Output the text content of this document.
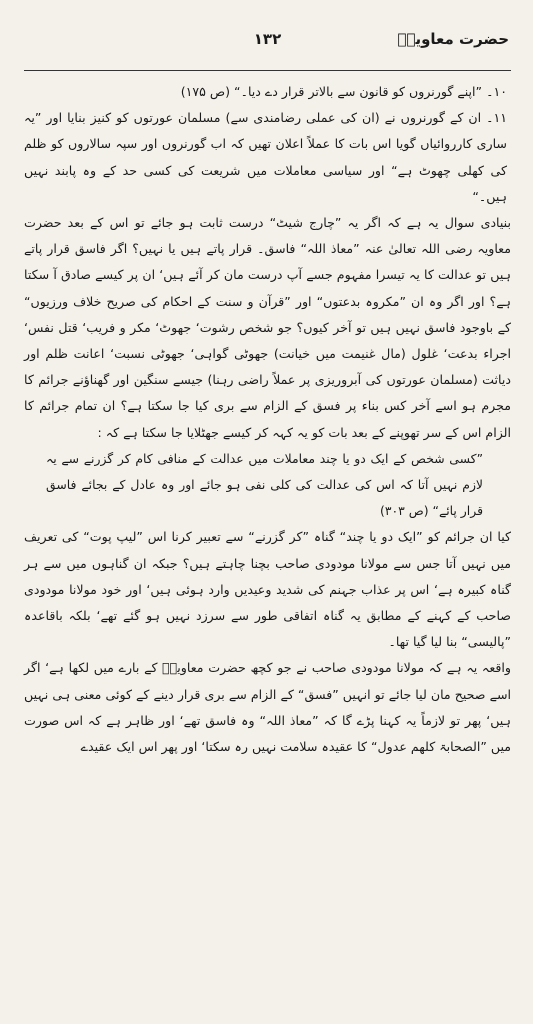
حضرت معاویہؓ
۱۳۲

۱۰۔ ”اپنے گورنروں کو قانون سے بالاتر قرار دے دیا۔“ (ص ۱۷۵)

۱۱۔ ان کے گورنروں نے (ان کی عملی رضامندی سے) مسلمان عورتوں کو کنیز بنایا اور ”یہ ساری کارروائیاں گویا اس بات کا عملاً اعلان تھیں کہ اب گورنروں اور سپہ سالاروں کو ظلم کی کھلی چھوٹ ہے“ اور سیاسی معاملات میں شریعت کی کسی حد کے وہ پابند نہیں ہیں۔“

بنیادی سوال یہ ہے کہ اگر یہ ”چارج شیٹ“ درست ثابت ہو جائے تو اس کے بعد حضرت معاویہ رضی اللہ تعالیٰ عنہ ”معاذ اللہ“ فاسق۔ قرار پاتے ہیں یا نہیں؟ اگر فاسق قرار پاتے ہیں تو عدالت کا یہ تیسرا مفہوم جسے آپ درست مان کر آئے ہیں‘ ان پر کیسے صادق آ سکتا ہے؟ اور اگر وہ ان ”مکروہ بدعتوں“ اور ”قرآن و سنت کے احکام کی صریح خلاف ورزیوں“ کے باوجود فاسق نہیں ہیں تو آخر کیوں؟ جو شخص رشوت‘ جھوٹ‘ مکر و فریب‘ قتل نفس‘ اجراء بدعت‘ غلول (مال غنیمت میں خیانت) جھوٹی گواہی‘ جھوٹی نسبت‘ اعانت ظلم اور دیاثت (مسلمان عورتوں کی آبروریزی پر عملاً راضی رہنا) جیسے سنگین اور گھناؤنے جرائم کا مجرم ہو اسے آخر کس بناء پر فسق کے الزام سے بری کیا جا سکتا ہے؟ ان تمام جرائم کا الزام اس کے سر تھوپنے کے بعد بات کو یہ کہہ کر کیسے جھٹلایا جا سکتا ہے کہ :

”کسی شخص کے ایک دو یا چند معاملات میں عدالت کے منافی کام کر گزرنے سے یہ لازم نہیں آتا کہ اس کی عدالت کی کلی نفی ہو جائے اور وہ عادل کے بجائے فاسق قرار پائے“ (ص ۳۰۳)

کیا ان جرائم کو ”ایک دو یا چند“ گناہ ”کر گزرنے“ سے تعبیر کرنا اس ”لیپ پوت“ کی تعریف میں نہیں آتا جس سے مولانا مودودی صاحب بچنا چاہتے ہیں؟ جبکہ ان گناہوں میں سے ہر گناہ کبیرہ ہے‘ اس پر عذاب جہنم کی شدید وعیدیں وارد ہوئی ہیں‘ اور خود مولانا مودودی صاحب کے کہنے کے مطابق یہ گناہ اتفاقی طور سے سرزد نہیں ہو گئے تھے‘ بلکہ باقاعدہ ”پالیسی“ بنا لیا گیا تھا۔

واقعہ یہ ہے کہ مولانا مودودی صاحب نے جو کچھ حضرت معاویہؓ کے بارے میں لکھا ہے‘ اگر اسے صحیح مان لیا جائے تو انہیں ”فسق“ کے الزام سے بری قرار دینے کے کوئی معنی ہی نہیں ہیں‘ پھر تو لازماً یہ کہنا پڑے گا کہ ”معاذ اللہ“ وہ فاسق تھے‘ اور ظاہر ہے کہ اس صورت میں ”الصحابۃ کلھم عدول“ کا عقیدہ سلامت نہیں رہ سکتا‘ اور پھر اس ایک عقیدے
